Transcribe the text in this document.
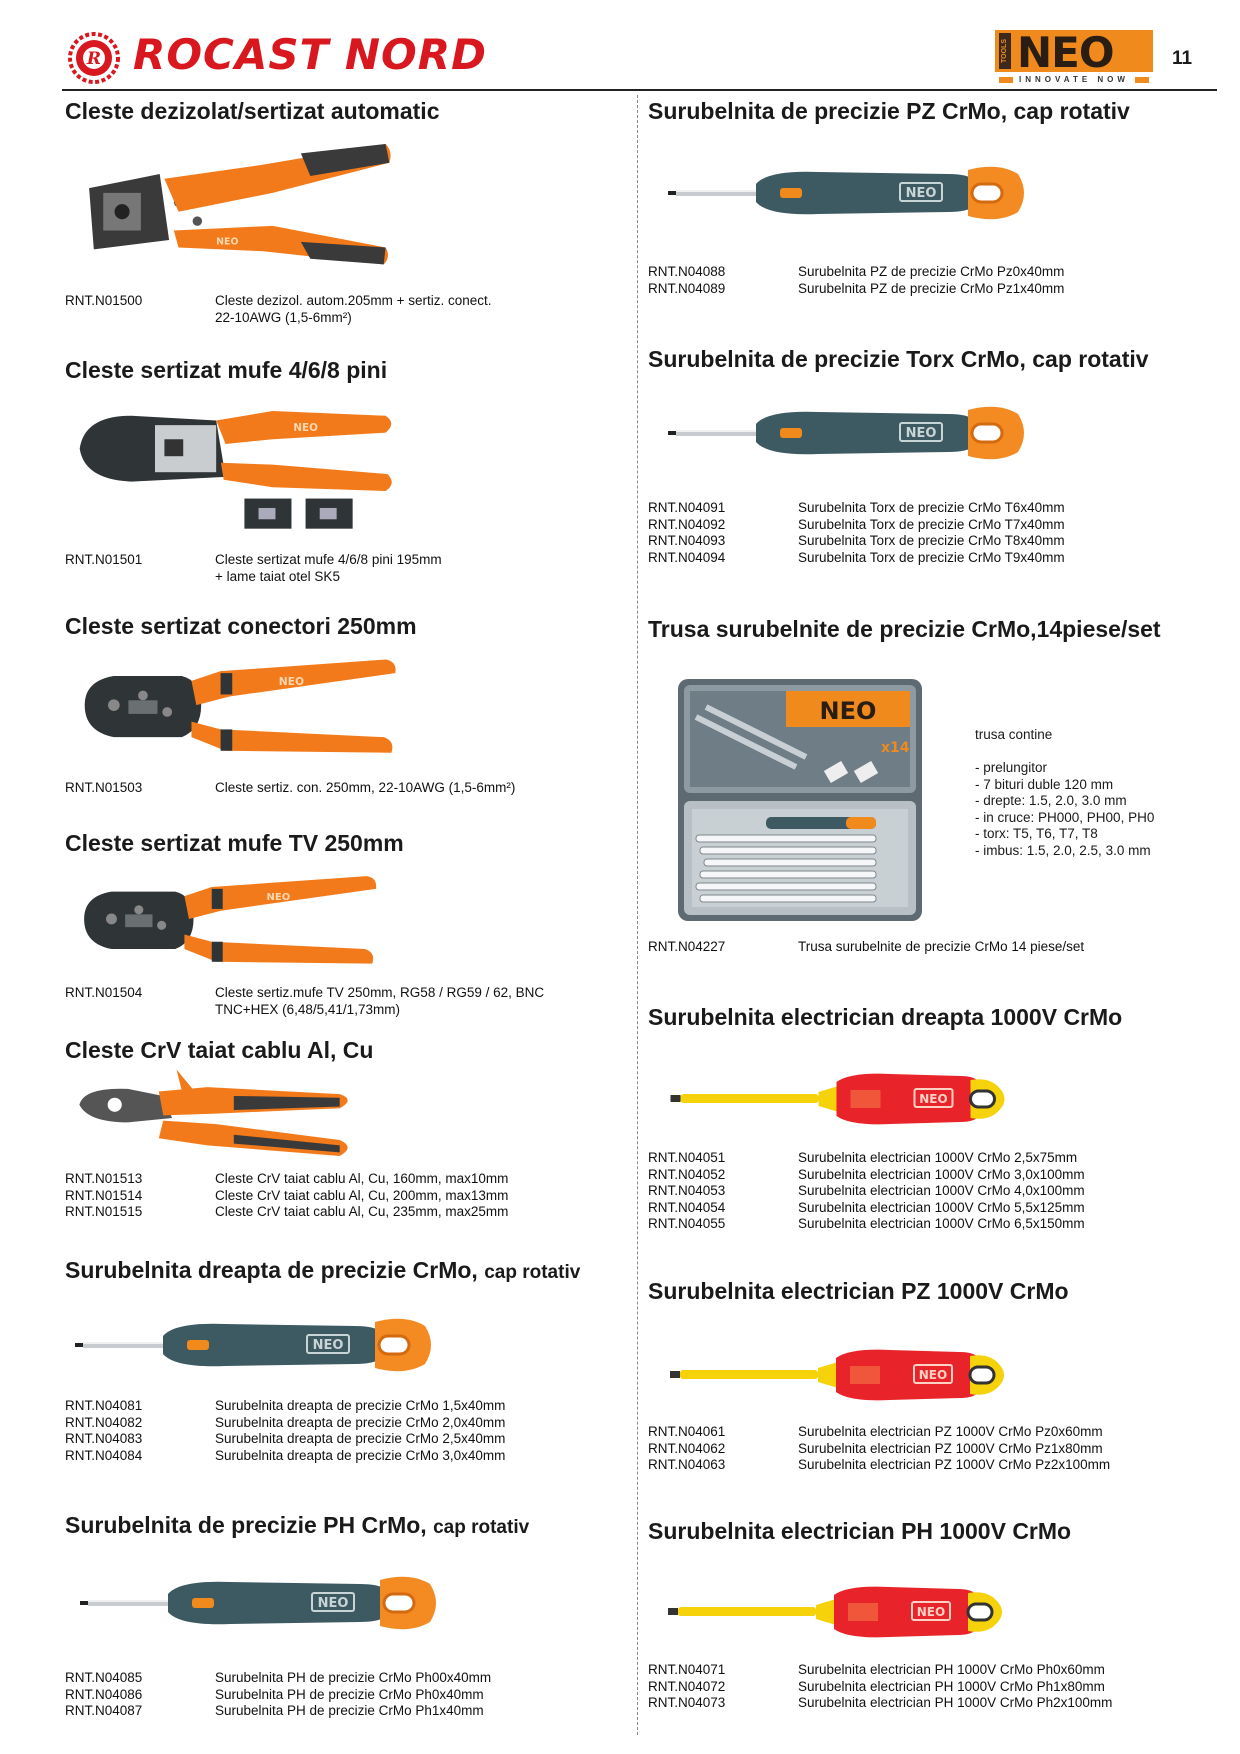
R ROCAST NORD	TOOLS NEO
INNOVATE NOW
11
Cleste dezizolat/sertizat automatic
RNT.N01500	Cleste dezizol. autom.205mm + sertiz. conect.
22-10AWG (1,5-6mm²)
Cleste sertizat mufe 4/6/8 pini
RNT.N01501	Cleste sertizat mufe 4/6/8 pini 195mm
+ lame taiat otel SK5
Cleste sertizat conectori 250mm
RNT.N01503	Cleste sertiz. con. 250mm, 22-10AWG (1,5-6mm²)
Cleste sertizat mufe TV 250mm
RNT.N01504	Cleste sertiz.mufe TV 250mm, RG58 / RG59 / 62, BNC
TNC+HEX (6,48/5,41/1,73mm)
Cleste CrV taiat cablu Al, Cu
RNT.N01513	Cleste CrV taiat cablu Al, Cu, 160mm, max10mm
RNT.N01514	Cleste CrV taiat cablu Al, Cu, 200mm, max13mm
RNT.N01515	Cleste CrV taiat cablu Al, Cu, 235mm, max25mm
Surubelnita dreapta de precizie CrMo, cap rotativ
RNT.N04081	Surubelnita dreapta de precizie CrMo 1,5x40mm
RNT.N04082	Surubelnita dreapta de precizie CrMo 2,0x40mm
RNT.N04083	Surubelnita dreapta de precizie CrMo 2,5x40mm
RNT.N04084	Surubelnita dreapta de precizie CrMo 3,0x40mm
Surubelnita de precizie PH CrMo, cap rotativ
RNT.N04085	Surubelnita PH de precizie CrMo Ph00x40mm
RNT.N04086	Surubelnita PH de precizie CrMo Ph0x40mm
RNT.N04087	Surubelnita PH de precizie CrMo Ph1x40mm
Surubelnita de precizie PZ CrMo, cap rotativ
RNT.N04088	Surubelnita PZ de precizie CrMo Pz0x40mm
RNT.N04089	Surubelnita PZ de precizie CrMo Pz1x40mm
Surubelnita de precizie Torx CrMo, cap rotativ
RNT.N04091	Surubelnita Torx de precizie CrMo T6x40mm
RNT.N04092	Surubelnita Torx de precizie CrMo T7x40mm
RNT.N04093	Surubelnita Torx de precizie CrMo T8x40mm
RNT.N04094	Surubelnita Torx de precizie CrMo T9x40mm
Trusa surubelnite de precizie CrMo,14piese/set
NEO
x14
trusa contine
- prelungitor
- 7 bituri duble 120 mm
- drepte: 1.5, 2.0, 3.0 mm
- in cruce: PH000, PH00, PH0
- torx: T5, T6, T7, T8
- imbus: 1.5, 2.0, 2.5, 3.0 mm
RNT.N04227	Trusa surubelnite de precizie CrMo 14 piese/set
Surubelnita electrician dreapta 1000V CrMo
RNT.N04051	Surubelnita electrician 1000V CrMo 2,5x75mm
RNT.N04052	Surubelnita electrician 1000V CrMo 3,0x100mm
RNT.N04053	Surubelnita electrician 1000V CrMo 4,0x100mm
RNT.N04054	Surubelnita electrician 1000V CrMo 5,5x125mm
RNT.N04055	Surubelnita electrician 1000V CrMo 6,5x150mm
Surubelnita electrician PZ 1000V CrMo
RNT.N04061	Surubelnita electrician PZ 1000V CrMo Pz0x60mm
RNT.N04062	Surubelnita electrician PZ 1000V CrMo Pz1x80mm
RNT.N04063	Surubelnita electrician PZ 1000V CrMo Pz2x100mm
Surubelnita electrician PH 1000V CrMo
RNT.N04071	Surubelnita electrician PH 1000V CrMo Ph0x60mm
RNT.N04072	Surubelnita electrician PH 1000V CrMo Ph1x80mm
RNT.N04073	Surubelnita electrician PH 1000V CrMo Ph2x100mm
